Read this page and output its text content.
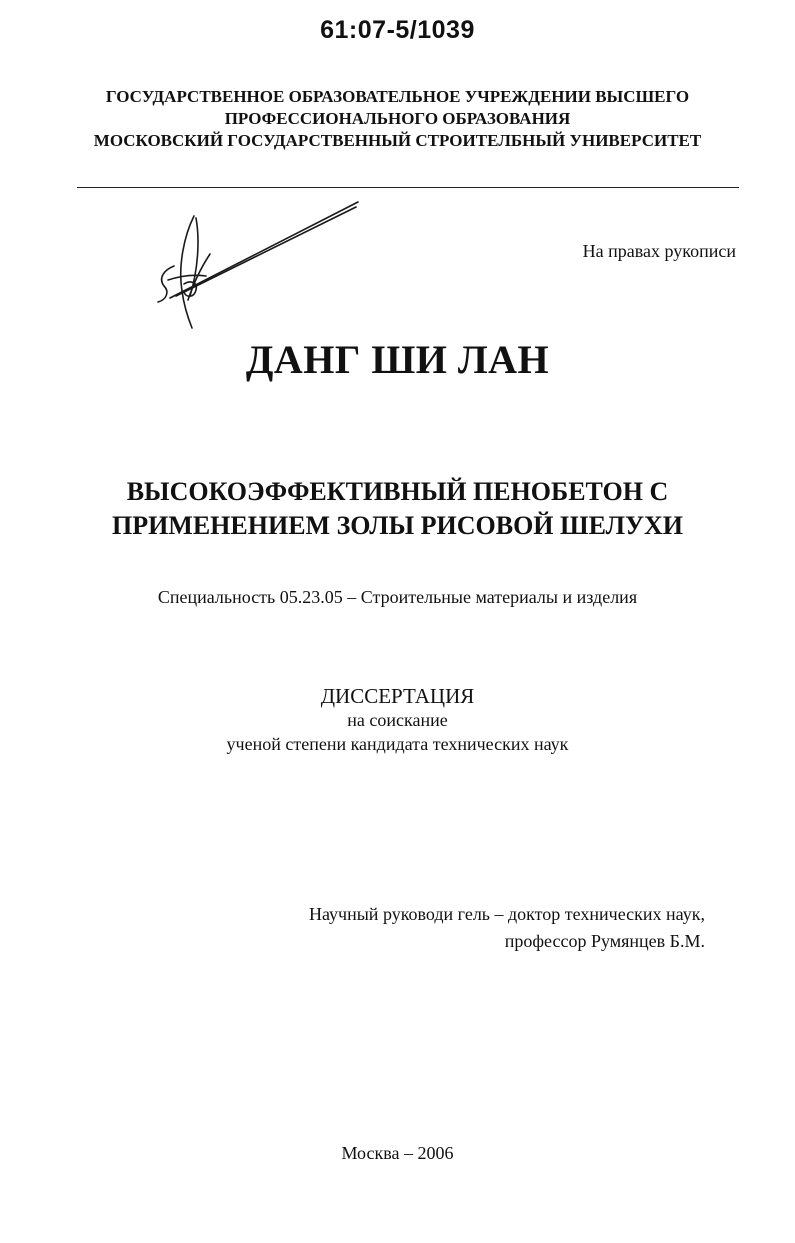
61:07-5/1039
ГОСУДАРСТВЕННОЕ ОБРАЗОВАТЕЛЬНОЕ УЧРЕЖДЕНИИ ВЫСШЕГО
ПРОФЕССИОНАЛЬНОГО ОБРАЗОВАНИЯ
МОСКОВСКИЙ ГОСУДАРСТВЕННЫЙ СТРОИТЕЛБНЫЙ УНИВЕРСИТЕТ
На правах рукописи
ДАНГ ШИ ЛАН
ВЫСОКОЭФФЕКТИВНЫЙ ПЕНОБЕТОН С
ПРИМЕНЕНИЕМ ЗОЛЫ РИСОВОЙ ШЕЛУХИ
Специальность 05.23.05 – Строительные материалы и изделия
ДИССЕРТАЦИЯ
на соискание
ученой степени кандидата технических наук
Научный руководи гель – доктор технических наук,
профессор Румянцев Б.М.
Москва – 2006
